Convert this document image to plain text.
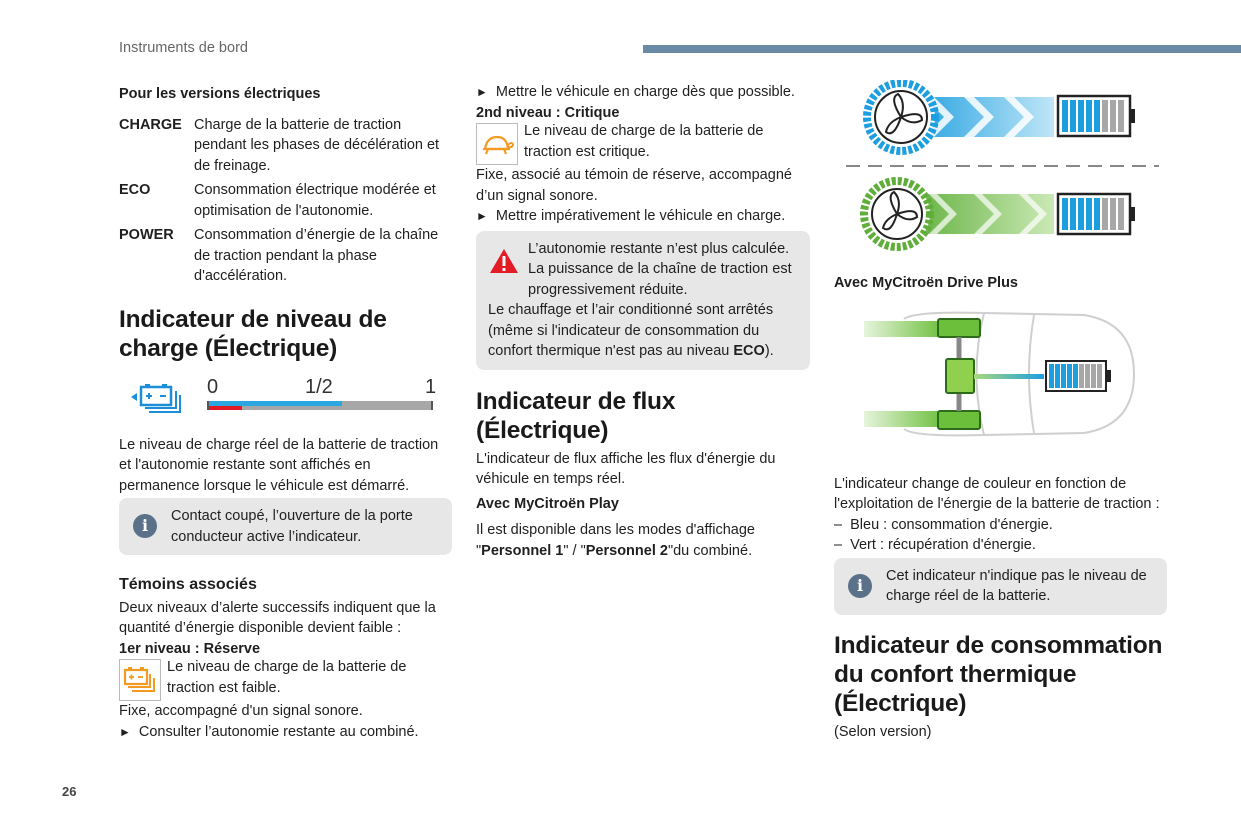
Instruments de bord
26
Pour les versions électriques
CHARGE Charge de la batterie de traction pendant les phases de décélération et de freinage.
ECO	Consommation électrique modérée et optimisation de l'autonomie.
POWER	Consommation d’énergie de la chaîne de traction pendant la phase d'accélération.
Indicateur de niveau de charge (Électrique)
0	1/2	1
Le niveau de charge réel de la batterie de traction et l'autonomie restante sont affichés en permanence lorsque le véhicule est démarré.
i	Contact coupé, l’ouverture de la porte conducteur active l’indicateur.
Témoins associés
Deux niveaux d’alerte successifs indiquent que la quantité d’énergie disponible devient faible :
1er niveau : Réserve
Le niveau de charge de la batterie de traction est faible.
Fixe, accompagné d'un signal sonore.
► Consulter l’autonomie restante au combiné.
► Mettre le véhicule en charge dès que possible.
2nd niveau : Critique
Le niveau de charge de la batterie de traction est critique.
Fixe, associé au témoin de réserve, accompagné d’un signal sonore.
► Mettre impérativement le véhicule en charge.
L’autonomie restante n’est plus calculée. La puissance de la chaîne de traction est progressivement réduite.
Le chauffage et l’air conditionné sont arrêtés (même si l'indicateur de consommation du confort thermique n'est pas au niveau ECO).
Indicateur de flux (Électrique)
L'indicateur de flux affiche les flux d'énergie du véhicule en temps réel.
Avec MyCitroën Play
Il est disponible dans les modes d'affichage "Personnel 1" / "Personnel 2"du combiné.
Avec MyCitroën Drive Plus
L'indicateur change de couleur en fonction de l'exploitation de l'énergie de la batterie de traction :
–  Bleu : consommation d'énergie.
–  Vert : récupération d'énergie.
i	Cet indicateur n'indique pas le niveau de charge réel de la batterie.
Indicateur de consommation du confort thermique (Électrique)
(Selon version)
